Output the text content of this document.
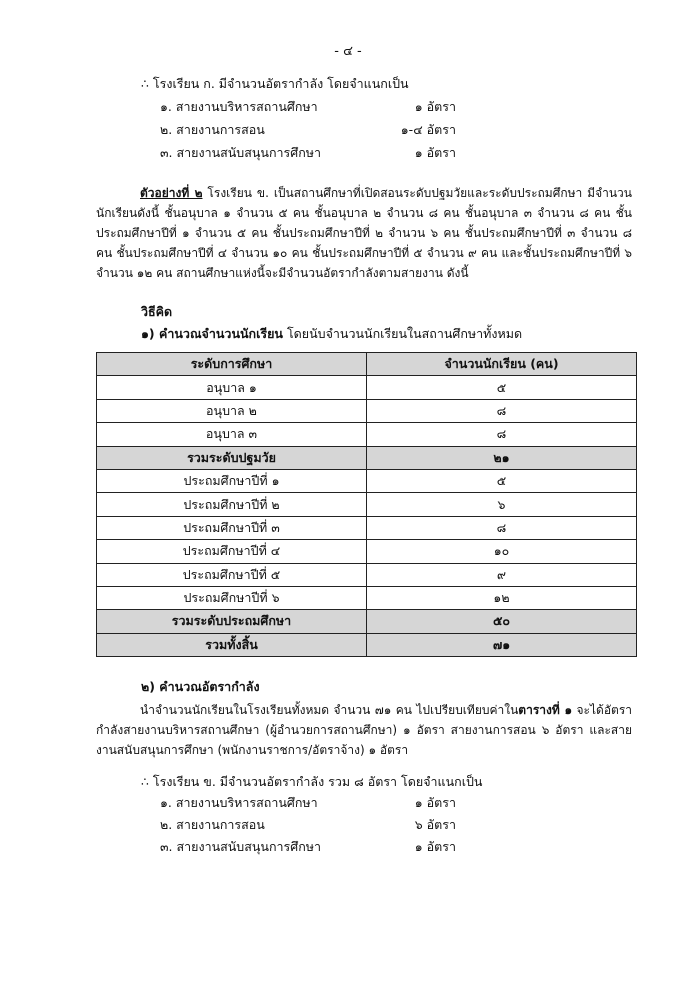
- ๔ -
∴ โรงเรียน ก. มีจำนวนอัตรากำลัง โดยจำแนกเป็น
๑. สายงานบริหารสถานศึกษา	๑ อัตรา
๒. สายงานการสอน	๑-๔ อัตรา
๓. สายงานสนับสนุนการศึกษา	๑ อัตรา
ตัวอย่างที่ ๒ โรงเรียน ข. เป็นสถานศึกษาที่เปิดสอนระดับปฐมวัยและระดับประถมศึกษา มีจำนวนนักเรียนดังนี้ ชั้นอนุบาล ๑ จำนวน ๕ คน ชั้นอนุบาล ๒ จำนวน ๘ คน ชั้นอนุบาล ๓ จำนวน ๘ คน ชั้นประถมศึกษาปีที่ ๑ จำนวน ๕ คน ชั้นประถมศึกษาปีที่ ๒ จำนวน ๖ คน ชั้นประถมศึกษาปีที่ ๓ จำนวน ๘ คน ชั้นประถมศึกษาปีที่ ๔ จำนวน ๑๐ คน ชั้นประถมศึกษาปีที่ ๕ จำนวน ๙ คน และชั้นประถมศึกษาปีที่ ๖ จำนวน ๑๒ คน สถานศึกษาแห่งนี้จะมีจำนวนอัตรากำลังตามสายงาน ดังนี้
วิธีคิด
๑) คำนวณจำนวนนักเรียน โดยนับจำนวนนักเรียนในสถานศึกษาทั้งหมด
ระดับการศึกษา	จำนวนนักเรียน (คน)
อนุบาล ๑	๕
อนุบาล ๒	๘
อนุบาล ๓	๘
รวมระดับปฐมวัย	๒๑
ประถมศึกษาปีที่ ๑	๕
ประถมศึกษาปีที่ ๒	๖
ประถมศึกษาปีที่ ๓	๘
ประถมศึกษาปีที่ ๔	๑๐
ประถมศึกษาปีที่ ๕	๙
ประถมศึกษาปีที่ ๖	๑๒
รวมระดับประถมศึกษา	๕๐
รวมทั้งสิ้น	๗๑
๒) คำนวณอัตรากำลัง
นำจำนวนนักเรียนในโรงเรียนทั้งหมด จำนวน ๗๑ คน ไปเปรียบเทียบค่าในตารางที่ ๑ จะได้อัตรากำลังสายงานบริหารสถานศึกษา (ผู้อำนวยการสถานศึกษา) ๑ อัตรา สายงานการสอน ๖ อัตรา และสายงานสนับสนุนการศึกษา (พนักงานราชการ/อัตราจ้าง) ๑ อัตรา
∴ โรงเรียน ข. มีจำนวนอัตรากำลัง รวม ๘ อัตรา โดยจำแนกเป็น
๑. สายงานบริหารสถานศึกษา	๑ อัตรา
๒. สายงานการสอน	๖ อัตรา
๓. สายงานสนับสนุนการศึกษา	๑ อัตรา
